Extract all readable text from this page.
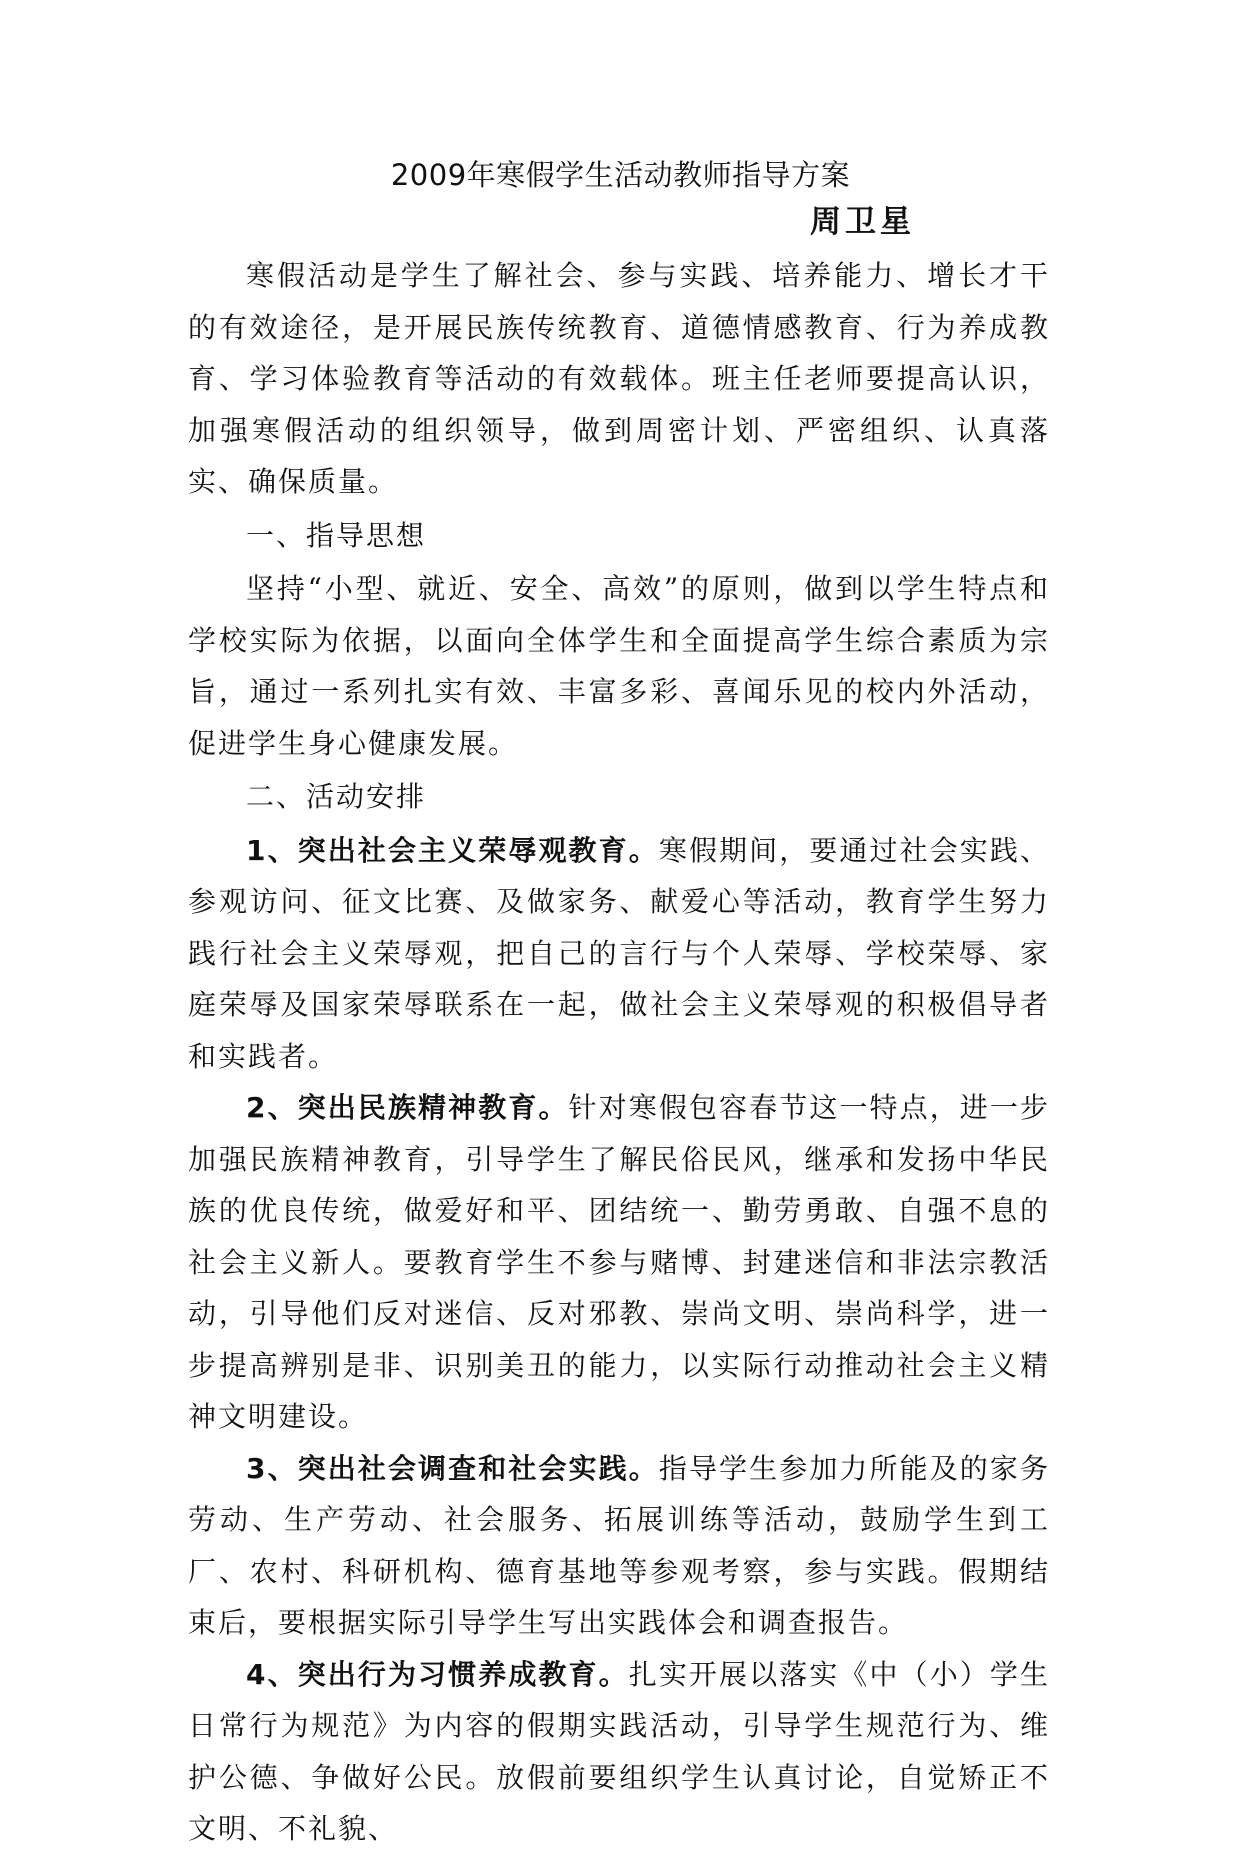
2009年寒假学生活动教师指导方案
周卫星

寒假活动是学生了解社会、参与实践、培养能力、增长才干的有效途径，是开展民族传统教育、道德情感教育、行为养成教育、学习体验教育等活动的有效载体。班主任老师要提高认识，加强寒假活动的组织领导，做到周密计划、严密组织、认真落实、确保质量。

一、指导思想

坚持“小型、就近、安全、高效”的原则，做到以学生特点和学校实际为依据，以面向全体学生和全面提高学生综合素质为宗旨，通过一系列扎实有效、丰富多彩、喜闻乐见的校内外活动，促进学生身心健康发展。

二、活动安排

1、突出社会主义荣辱观教育。寒假期间，要通过社会实践、参观访问、征文比赛、及做家务、献爱心等活动，教育学生努力践行社会主义荣辱观，把自己的言行与个人荣辱、学校荣辱、家庭荣辱及国家荣辱联系在一起，做社会主义荣辱观的积极倡导者和实践者。

2、突出民族精神教育。针对寒假包容春节这一特点，进一步加强民族精神教育，引导学生了解民俗民风，继承和发扬中华民族的优良传统，做爱好和平、团结统一、勤劳勇敢、自强不息的社会主义新人。要教育学生不参与赌博、封建迷信和非法宗教活动，引导他们反对迷信、反对邪教、崇尚文明、崇尚科学，进一步提高辨别是非、识别美丑的能力，以实际行动推动社会主义精神文明建设。

3、突出社会调查和社会实践。指导学生参加力所能及的家务劳动、生产劳动、社会服务、拓展训练等活动，鼓励学生到工厂、农村、科研机构、德育基地等参观考察，参与实践。假期结束后，要根据实际引导学生写出实践体会和调查报告。

4、突出行为习惯养成教育。扎实开展以落实《中（小）学生日常行为规范》为内容的假期实践活动，引导学生规范行为、维护公德、争做好公民。放假前要组织学生认真讨论，自觉矫正不文明、不礼貌、
